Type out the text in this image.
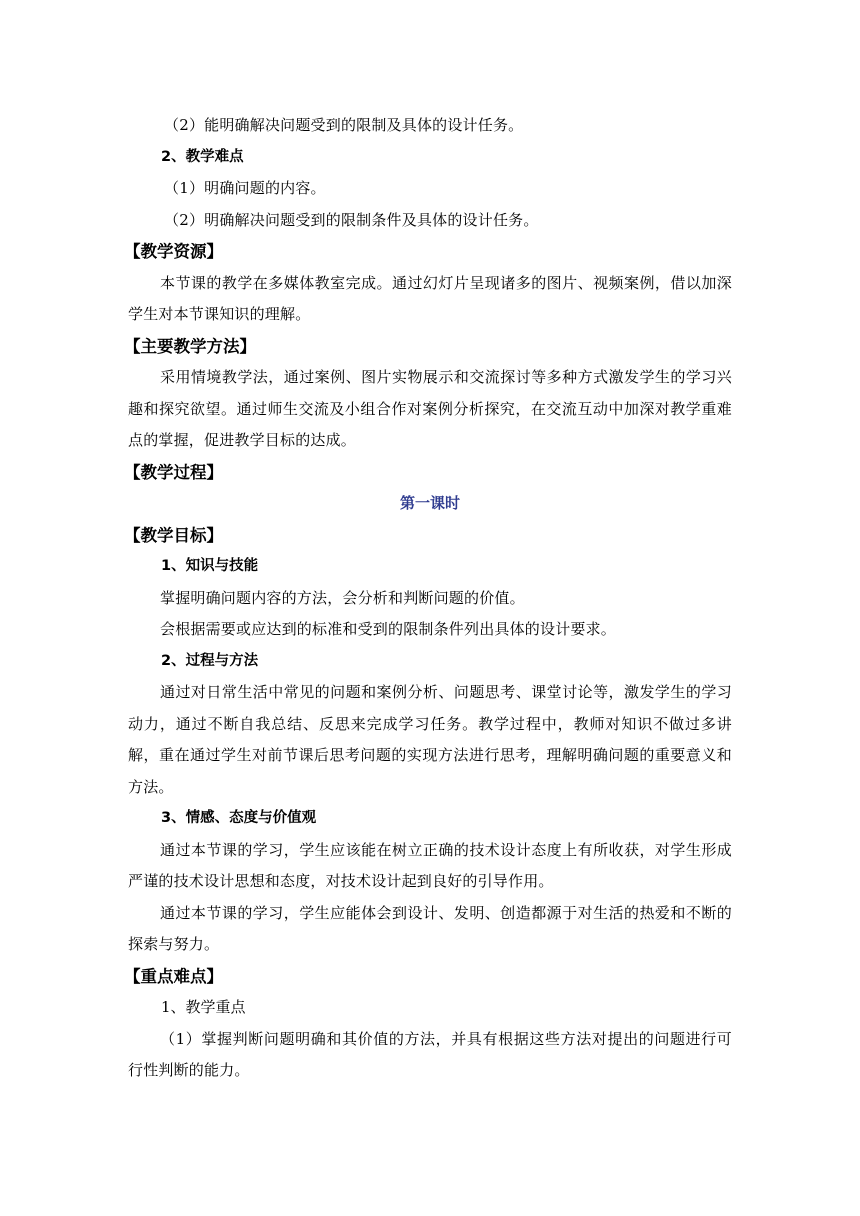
（2）能明确解决问题受到的限制及具体的设计任务。

2、教学难点

（1）明确问题的内容。

（2）明确解决问题受到的限制条件及具体的设计任务。

【教学资源】

本节课的教学在多媒体教室完成。通过幻灯片呈现诸多的图片、视频案例，借以加深学生对本节课知识的理解。

【主要教学方法】

采用情境教学法，通过案例、图片实物展示和交流探讨等多种方式激发学生的学习兴趣和探究欲望。通过师生交流及小组合作对案例分析探究，在交流互动中加深对教学重难点的掌握，促进教学目标的达成。

【教学过程】

第一课时

【教学目标】

1、知识与技能

掌握明确问题内容的方法，会分析和判断问题的价值。

会根据需要或应达到的标准和受到的限制条件列出具体的设计要求。

2、过程与方法

通过对日常生活中常见的问题和案例分析、问题思考、课堂讨论等，激发学生的学习动力，通过不断自我总结、反思来完成学习任务。教学过程中，教师对知识不做过多讲解，重在通过学生对前节课后思考问题的实现方法进行思考，理解明确问题的重要意义和方法。

3、情感、态度与价值观

通过本节课的学习，学生应该能在树立正确的技术设计态度上有所收获，对学生形成严谨的技术设计思想和态度，对技术设计起到良好的引导作用。

通过本节课的学习，学生应能体会到设计、发明、创造都源于对生活的热爱和不断的探索与努力。

【重点难点】

1、教学重点

（1）掌握判断问题明确和其价值的方法，并具有根据这些方法对提出的问题进行可行性判断的能力。
